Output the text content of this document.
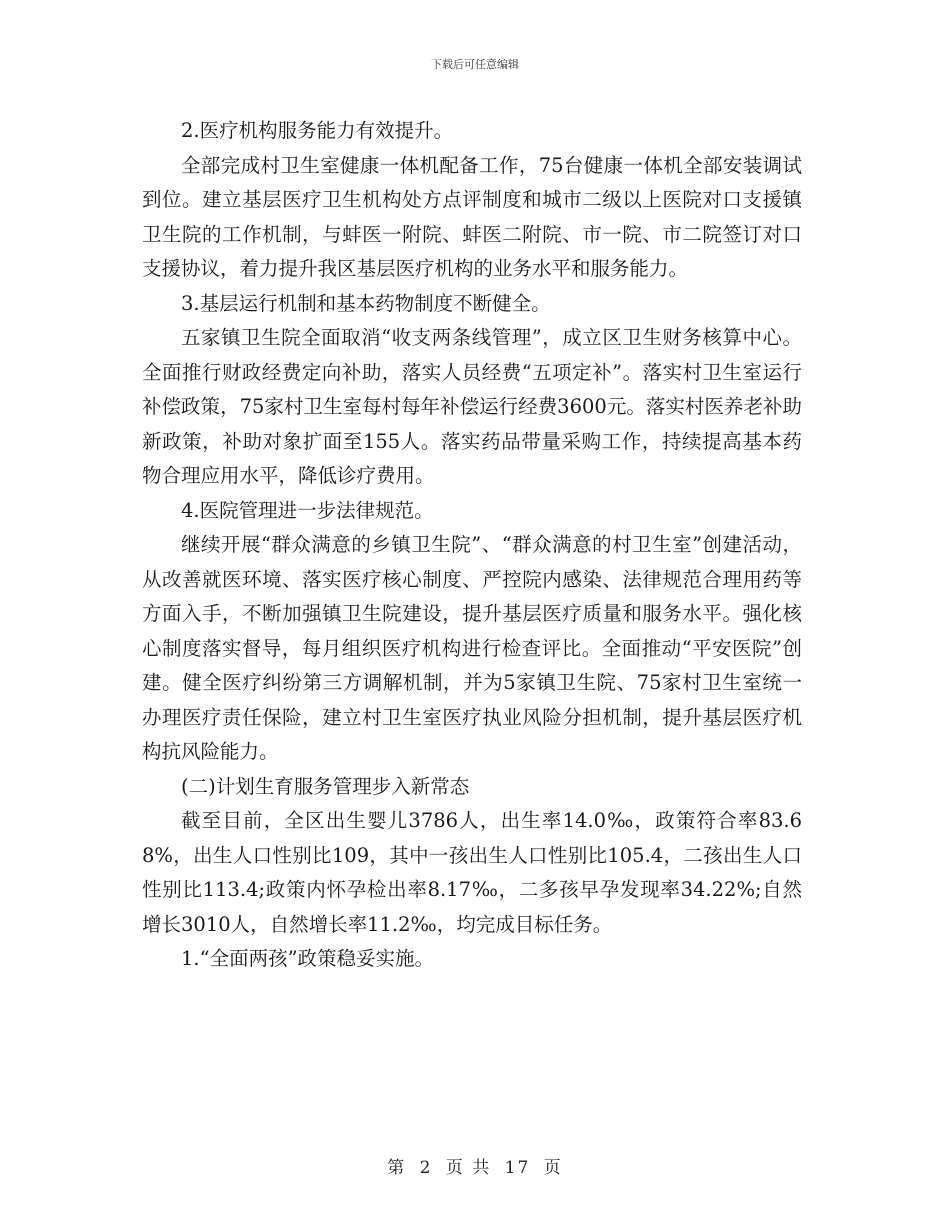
下载后可任意编辑

2.医疗机构服务能力有效提升。

全部完成村卫生室健康一体机配备工作，75台健康一体机全部安装调试到位。建立基层医疗卫生机构处方点评制度和城市二级以上医院对口支援镇卫生院的工作机制，与蚌医一附院、蚌医二附院、市一院、市二院签订对口支援协议，着力提升我区基层医疗机构的业务水平和服务能力。

3.基层运行机制和基本药物制度不断健全。

五家镇卫生院全面取消“收支两条线管理”，成立区卫生财务核算中心。全面推行财政经费定向补助，落实人员经费“五项定补”。落实村卫生室运行补偿政策，75家村卫生室每村每年补偿运行经费3600元。落实村医养老补助新政策，补助对象扩面至155人。落实药品带量采购工作，持续提高基本药物合理应用水平，降低诊疗费用。

4.医院管理进一步法律规范。

继续开展“群众满意的乡镇卫生院”、“群众满意的村卫生室”创建活动，从改善就医环境、落实医疗核心制度、严控院内感染、法律规范合理用药等方面入手，不断加强镇卫生院建设，提升基层医疗质量和服务水平。强化核心制度落实督导，每月组织医疗机构进行检查评比。全面推动“平安医院”创建。健全医疗纠纷第三方调解机制，并为5家镇卫生院、75家村卫生室统一办理医疗责任保险，建立村卫生室医疗执业风险分担机制，提升基层医疗机构抗风险能力。

(二)计划生育服务管理步入新常态

截至目前，全区出生婴儿3786人，出生率14.0‰，政策符合率83.68%，出生人口性别比109，其中一孩出生人口性别比105.4，二孩出生人口性别比113.4;政策内怀孕检出率8.17‰，二多孩早孕发现率34.22%;自然增长3010人，自然增长率11.2‰，均完成目标任务。

1.“全面两孩”政策稳妥实施。

第 2 页 共 17 页
